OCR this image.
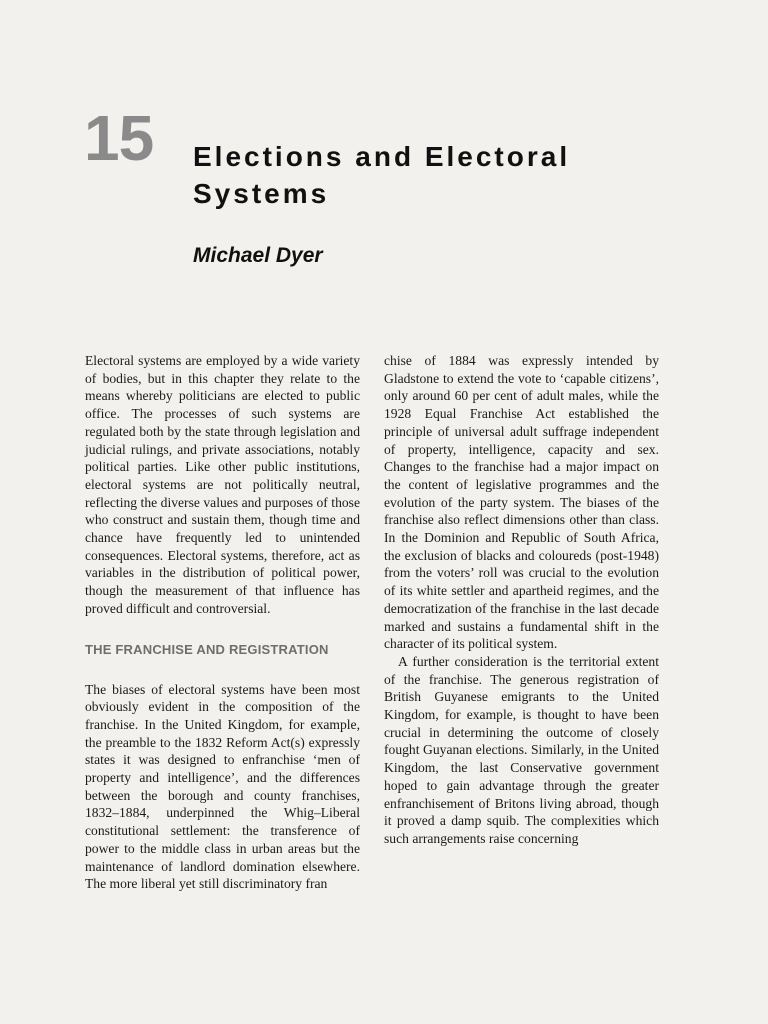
15 Elections and Electoral Systems
Michael Dyer

Electoral systems are employed by a wide variety of bodies, but in this chapter they relate to the means whereby politicians are elected to public office. The processes of such systems are regulated both by the state through legislation and judicial rulings, and private associations, notably political parties. Like other public institutions, electoral systems are not politically neutral, reflecting the diverse values and purposes of those who construct and sustain them, though time and chance have frequently led to unintended consequences. Electoral systems, therefore, act as variables in the distribution of political power, though the measurement of that influence has proved difficult and controversial.

THE FRANCHISE AND REGISTRATION

The biases of electoral systems have been most obviously evident in the composition of the franchise. In the United Kingdom, for example, the preamble to the 1832 Reform Act(s) expressly states it was designed to enfranchise ‘men of property and intelligence’, and the differences between the borough and county franchises, 1832–1884, underpinned the Whig–Liberal constitutional settlement: the transference of power to the middle class in urban areas but the maintenance of landlord domination elsewhere. The more liberal yet still discriminatory fran

chise of 1884 was expressly intended by Gladstone to extend the vote to ‘capable citizens’, only around 60 per cent of adult males, while the 1928 Equal Franchise Act established the principle of universal adult suffrage independent of property, intelligence, capacity and sex. Changes to the franchise had a major impact on the content of legislative programmes and the evolution of the party system. The biases of the franchise also reflect dimensions other than class. In the Dominion and Republic of South Africa, the exclusion of blacks and coloureds (post-1948) from the voters’ roll was crucial to the evolution of its white settler and apartheid regimes, and the democratization of the franchise in the last decade marked and sustains a fundamental shift in the character of its political system.

A further consideration is the territorial extent of the franchise. The generous registration of British Guyanese emigrants to the United Kingdom, for example, is thought to have been crucial in determining the outcome of closely fought Guyanan elections. Similarly, in the United Kingdom, the last Conservative government hoped to gain advantage through the greater enfranchisement of Britons living abroad, though it proved a damp squib. The complexities which such arrangements raise concerning
